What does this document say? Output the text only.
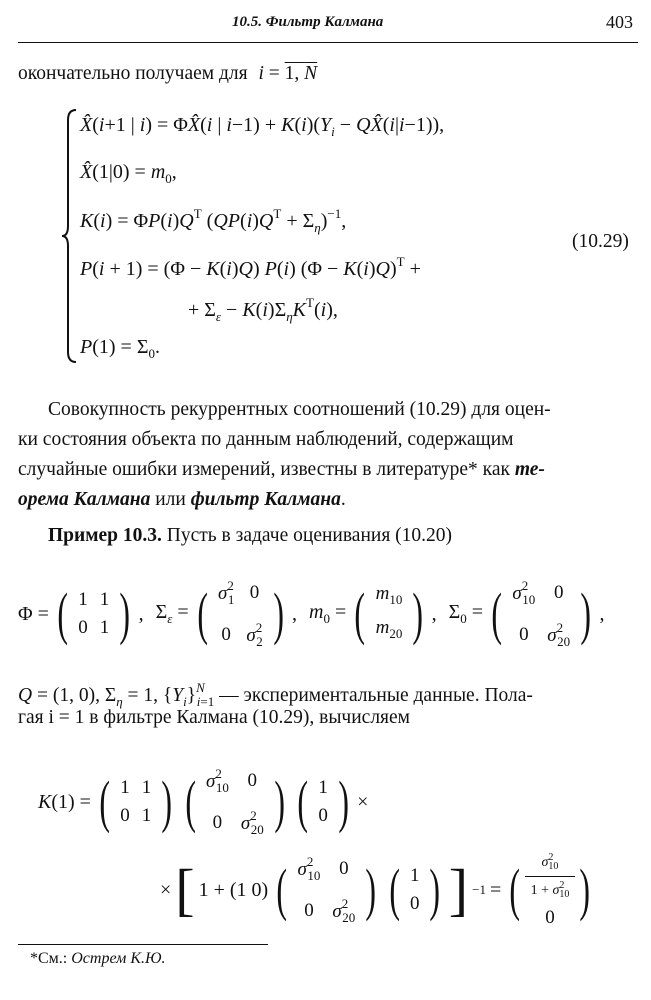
10.5. Фильтр Калмана	403
окончательно получаем для i = 1, N
X̂(i+1 | i) = ΦX̂(i | $i-1) + K(i)(Y_i$ − QX̂(i|i−1)),
X̂(1|0) = $m_0$,
$K(i) = \Phi P(i)Q^T$ $(QP(i)Q^T + \Sigma_\eta)^{-1}$,
P(i + 1) = (Φ − K(i)Q) P(i) $(\Phi - K(i)Q)^T$ +
+ $\Sigma_\varepsilon - K(i)\Sigma_\eta K^T(i)$,
$P(1) = \Sigma_0$.
(10.29)
Совокупность рекуррентных соотношений (10.29) для оцен-
ки состояния объекта по данным наблюдений, содержащим
случайные ошибки измерений, известны в литературе* как те-
орема Калмана или фильтр Калмана.
Пример 10.3. Пусть в задаче оценивания (10.20)
Φ = ( 1	1
0	1 ) , $\Sigma_\varepsilon$ = ( $\sigma^2_1$	0
0	$\sigma^2_2$ ) , $m_0$ = ( $m_{10}$
$m_{20}$ ) , $\Sigma_0$ = ( $\sigma^2_{10}$	0
0	$\sigma^2_{20}$ ) ,
Q = (1, 0), $\Sigma_\eta = 1$, $\{Y_i\}^N_{i=1}$ — экспериментальные данные. Пола-
гая i = 1 в фильтре Калмана (10.29), вычисляем
K(1) = ( 1	1
0	1 ) ( $\sigma^2_{10}$	0
0	$\sigma^2_{20}$ ) ( 1
0 ) ×
× [ 1 + (1 0) ( $\sigma^2_{10}$	0
0	$\sigma^2_{20}$ ) ( 1
0 ) ] −1 = ( $\sigma^2_{10}$

$1 + \sigma^2_{10}$
0 )
*См.: Острем К.Ю.
